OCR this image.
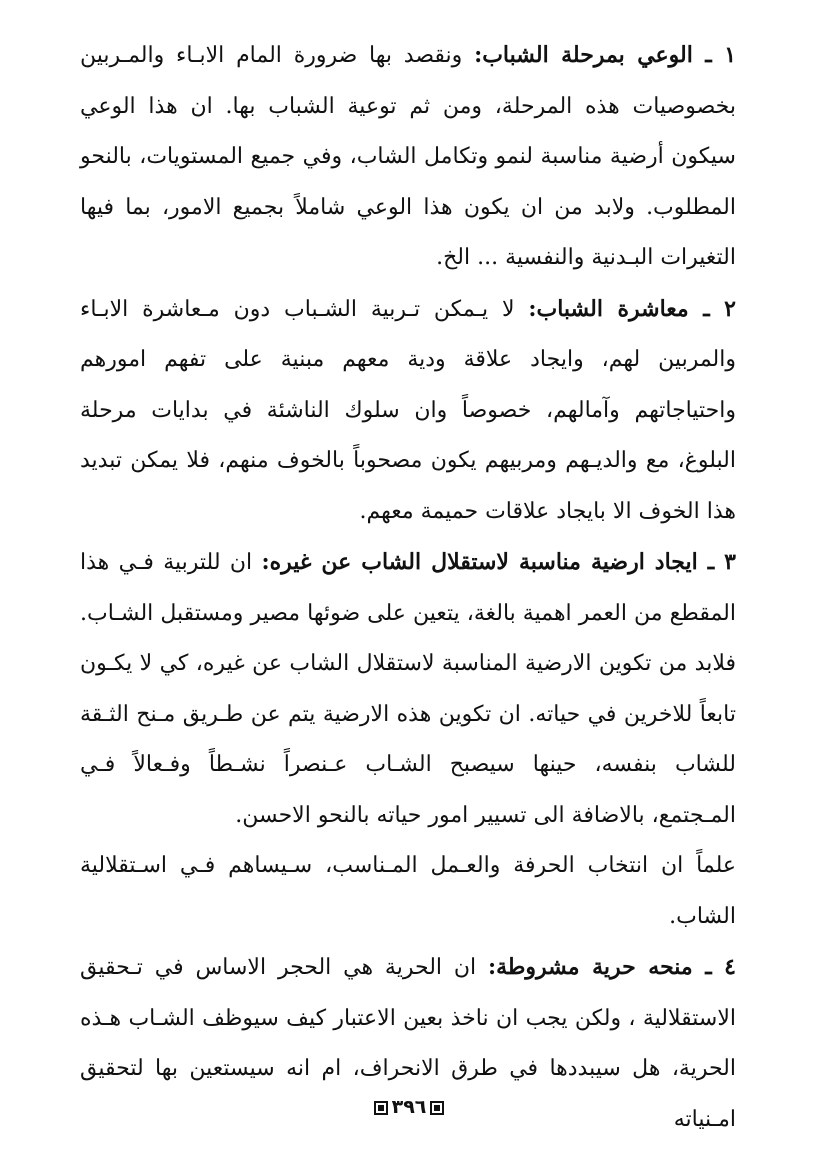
١ ـ الوعي بمرحلة الشباب: ونقصد بها ضرورة المام الابـاء والمـربين بخصوصيات هذه المرحلة، ومن ثم توعية الشباب بها. ان هذا الوعي سيكون أرضية مناسبة لنمو وتكامل الشاب، وفي جميع المستويات، بالنحو المطلوب. ولابد من ان يكون هذا الوعي شاملاً بجميع الامور، بما فيها التغيرات البـدنية والنفسية ... الخ.

٢ ـ معاشرة الشباب: لا يـمكن تـربية الشـباب دون مـعاشرة الابـاء والمربين لهم، وايجاد علاقة ودية معهم مبنية على تفهم امورهم واحتياجاتهم وآمالهم، خصوصاً وان سلوك الناشئة في بدايات مرحلة البلوغ، مع والديـهم ومربيهم يكون مصحوباً بالخوف منهم، فلا يمكن تبديد هذا الخوف الا بايجاد علاقات حميمة معهم.

٣ ـ ايجاد ارضية مناسبة لاستقلال الشاب عن غيره: ان للتربية فـي هذا المقطع من العمر اهمية بالغة، يتعين على ضوئها مصير ومستقبل الشـاب. فلابد من تكوين الارضية المناسبة لاستقلال الشاب عن غيره، كي لا يكـون تابعاً للاخرين في حياته. ان تكوين هذه الارضية يتم عن طـريق مـنح الثـقة للشاب بنفسه، حينها سيصبح الشـاب عـنصراً نشـطاً وفـعالاً فـي المـجتمع، بالاضافة الى تسيير امور حياته بالنحو الاحسن.

علماً ان انتخاب الحرفة والعـمل المـناسب، سـيساهم فـي اسـتقلالية الشاب.

٤ ـ منحه حرية مشروطة: ان الحرية هي الحجر الاساس في تـحقيق الاستقلالية ، ولكن يجب ان ناخذ بعين الاعتبار كيف سيوظف الشـاب هـذه الحرية، هل سيبددها في طرق الانحراف، ام انه سيستعين بها لتحقيق امـنياته

٣٩٦
